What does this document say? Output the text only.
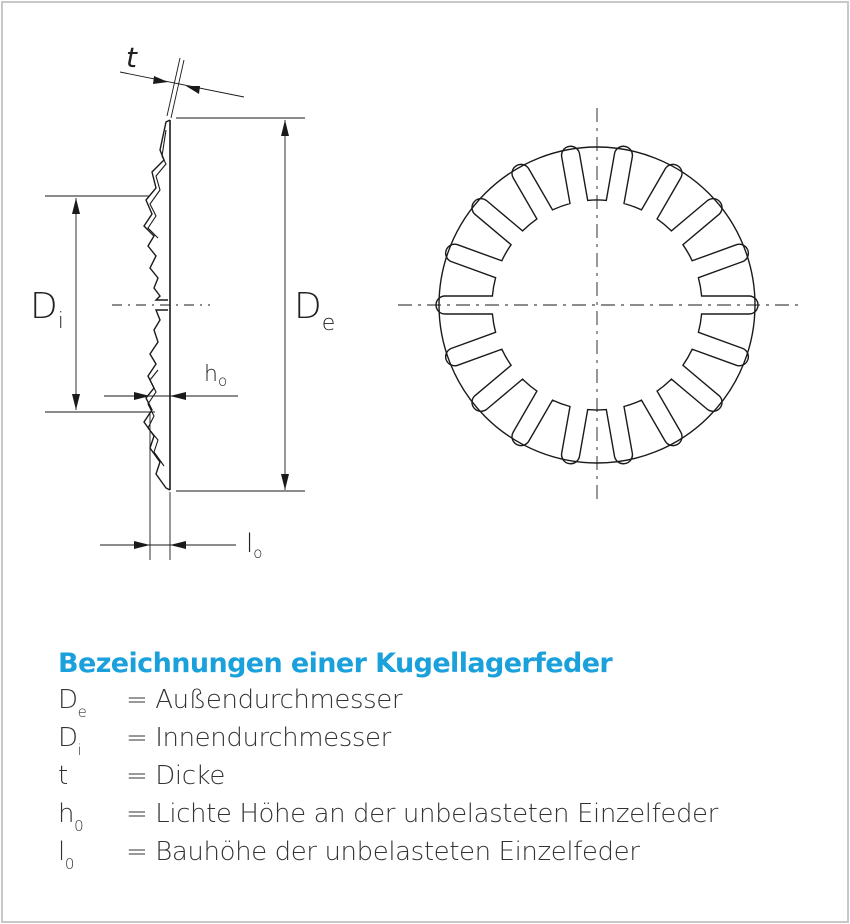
t
$D_i$	$D_e$
$h_o$
$l_o$
Bezeichnungen einer Kugellagerfeder
$D_e$ = Außendurchmesser
$D_i$ = Innendurchmesser
t = Dicke
$h_0$ = Lichte Höhe an der unbelasteten Einzelfeder
$l_0$ = Bauhöhe der unbelasteten Einzelfeder
